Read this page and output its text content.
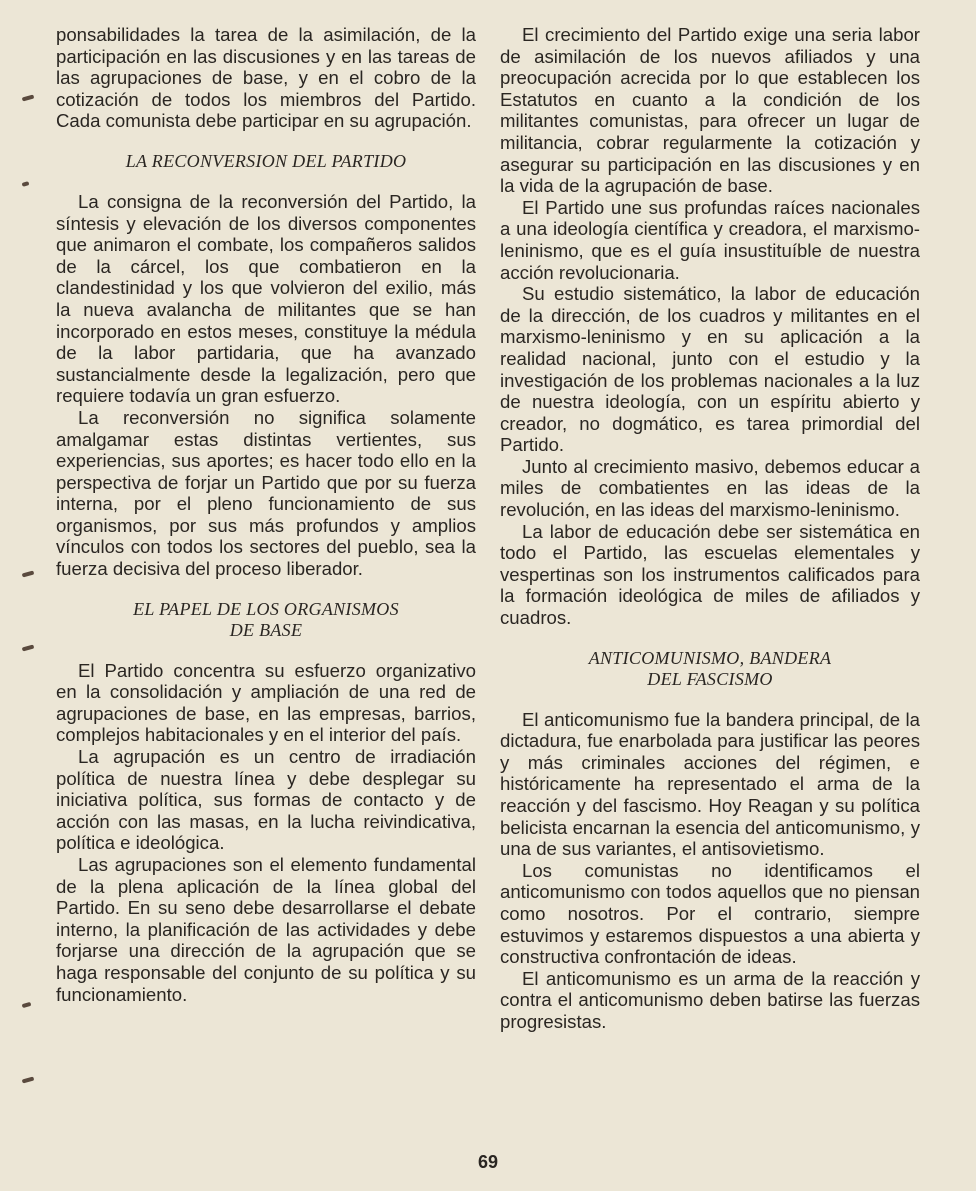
ponsabilidades la tarea de la asimilación, de la participación en las discusiones y en las tareas de las agrupaciones de base, y en el cobro de la cotización de todos los miembros del Partido. Cada comunista debe participar en su agrupación.

LA RECONVERSION DEL PARTIDO

La consigna de la reconversión del Partido, la síntesis y elevación de los diversos componentes que animaron el combate, los compañeros salidos de la cárcel, los que combatieron en la clandestinidad y los que volvieron del exilio, más la nueva avalancha de militantes que se han incorporado en estos meses, constituye la médula de la labor partidaria, que ha avanzado sustancialmente desde la legalización, pero que requiere todavía un gran esfuerzo.

La reconversión no significa solamente amalgamar estas distintas vertientes, sus experiencias, sus aportes; es hacer todo ello en la perspectiva de forjar un Partido que por su fuerza interna, por el pleno funcionamiento de sus organismos, por sus más profundos y amplios vínculos con todos los sectores del pueblo, sea la fuerza decisiva del proceso liberador.

EL PAPEL DE LOS ORGANISMOS
DE BASE

El Partido concentra su esfuerzo organizativo en la consolidación y ampliación de una red de agrupaciones de base, en las empresas, barrios, complejos habitacionales y en el interior del país.

La agrupación es un centro de irradiación política de nuestra línea y debe desplegar su iniciativa política, sus formas de contacto y de acción con las masas, en la lucha reivindicativa, política e ideológica.

Las agrupaciones son el elemento fundamental de la plena aplicación de la línea global del Partido. En su seno debe desarrollarse el debate interno, la planificación de las actividades y debe forjarse una dirección de la agrupación que se haga responsable del conjunto de su política y su funcionamiento.

El crecimiento del Partido exige una seria labor de asimilación de los nuevos afiliados y una preocupación acrecida por lo que establecen los Estatutos en cuanto a la condición de los militantes comunistas, para ofrecer un lugar de militancia, cobrar regularmente la cotización y asegurar su participación en las discusiones y en la vida de la agrupación de base.

El Partido une sus profundas raíces nacionales a una ideología científica y creadora, el marxismo-leninismo, que es el guía insustituíble de nuestra acción revolucionaria.

Su estudio sistemático, la labor de educación de la dirección, de los cuadros y militantes en el marxismo-leninismo y en su aplicación a la realidad nacional, junto con el estudio y la investigación de los problemas nacionales a la luz de nuestra ideología, con un espíritu abierto y creador, no dogmático, es tarea primordial del Partido.

Junto al crecimiento masivo, debemos educar a miles de combatientes en las ideas de la revolución, en las ideas del marxismo-leninismo.

La labor de educación debe ser sistemática en todo el Partido, las escuelas elementales y vespertinas son los instrumentos calificados para la formación ideológica de miles de afiliados y cuadros.

ANTICOMUNISMO, BANDERA
DEL FASCISMO

El anticomunismo fue la bandera principal, de la dictadura, fue enarbolada para justificar las peores y más criminales acciones del régimen, e históricamente ha representado el arma de la reacción y del fascismo. Hoy Reagan y su política belicista encarnan la esencia del anticomunismo, y una de sus variantes, el antisovietismo.

Los comunistas no identificamos el anticomunismo con todos aquellos que no piensan como nosotros. Por el contrario, siempre estuvimos y estaremos dispuestos a una abierta y constructiva confrontación de ideas.

El anticomunismo es un arma de la reacción y contra el anticomunismo deben batirse las fuerzas progresistas.

69
